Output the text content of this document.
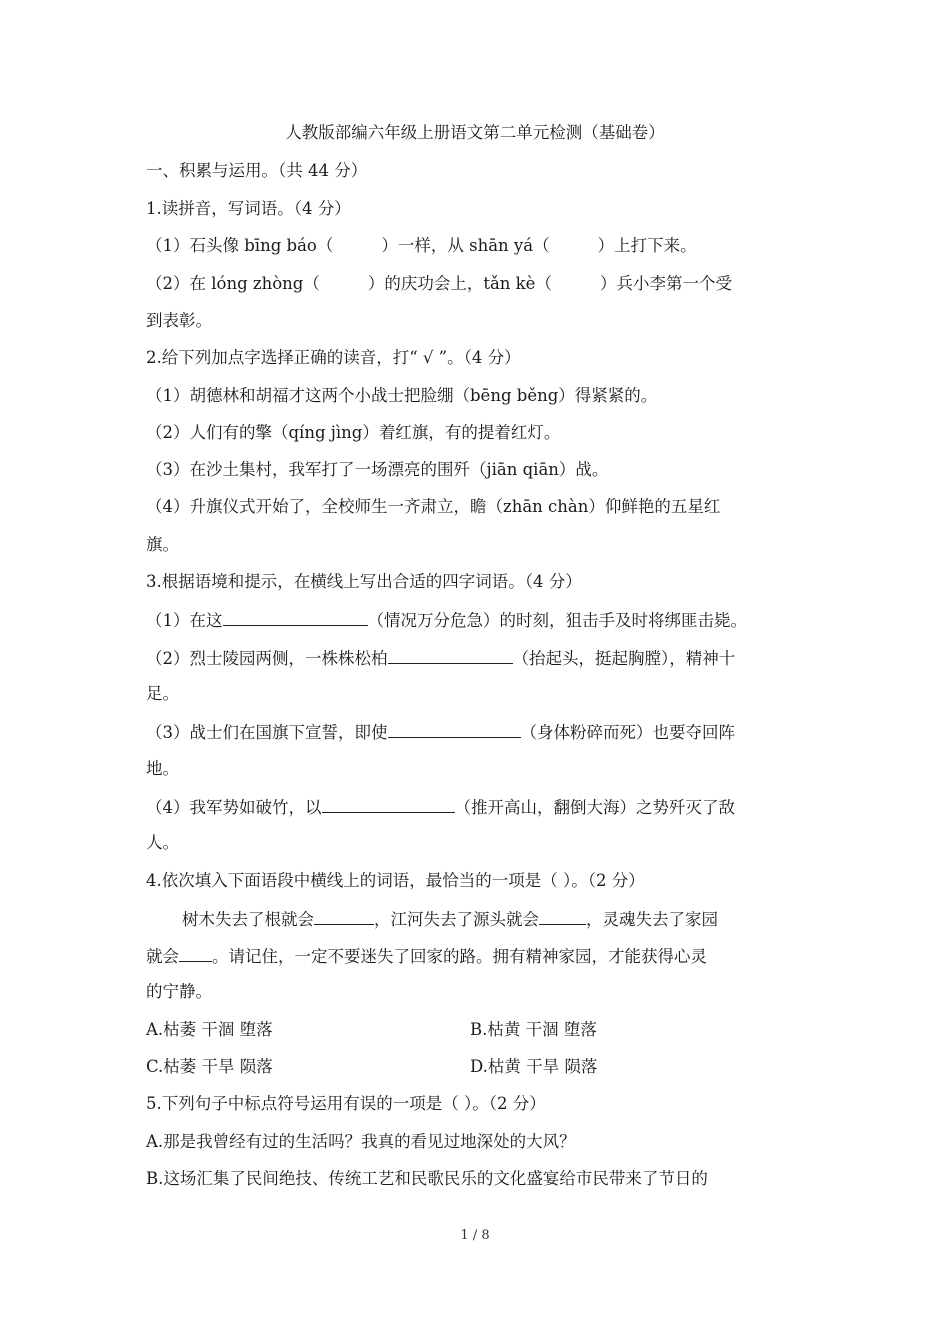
人教版部编六年级上册语文第二单元检测（基础卷）
一、积累与运用。（共 44 分）
1.读拼音，写词语。（4 分）
（1）石头像 bīng báo（	）一样，从 shān yá（	）上打下来。
（2）在 lóng zhòng（	）的庆功会上，tǎn kè（	）兵小李第一个受
到表彰。
2.给下列加点字选择正确的读音，打“ √ ”。（4 分）
（1）胡德林和胡福才这两个小战士把脸绷（bēng běng）得紧紧的。
（2）人们有的擎（qíng jìng）着红旗，有的提着红灯。
（3）在沙土集村，我军打了一场漂亮的围歼（jiān qiān）战。
（4）升旗仪式开始了，全校师生一齐肃立，瞻（zhān chàn）仰鲜艳的五星红
旗。
3.根据语境和提示，在横线上写出合适的四字词语。（4 分）
（1）在这	（情况万分危急）的时刻，狙击手及时将绑匪击毙。
（2）烈士陵园两侧，一株株松柏	（抬起头，挺起胸膛），精神十
足。
（3）战士们在国旗下宣誓，即使	（身体粉碎而死）也要夺回阵
地。
（4）我军势如破竹，以	（推开高山，翻倒大海）之势歼灭了敌
人。
4.依次填入下面语段中横线上的词语，最恰当的一项是（ ）。（2 分）
树木失去了根就会	，江河失去了源头就会	，灵魂失去了家园
就会 。请记住，一定不要迷失了回家的路。拥有精神家园，才能获得心灵
的宁静。
A.枯萎 干涸 堕落	B.枯黄 干涸 堕落
C.枯萎 干旱 陨落	D.枯黄 干旱 陨落
5.下列句子中标点符号运用有误的一项是（ ）。（2 分）
A.那是我曾经有过的生活吗？我真的看见过地深处的大风？
B.这场汇集了民间绝技、传统工艺和民歌民乐的文化盛宴给市民带来了节日的
1 / 8
